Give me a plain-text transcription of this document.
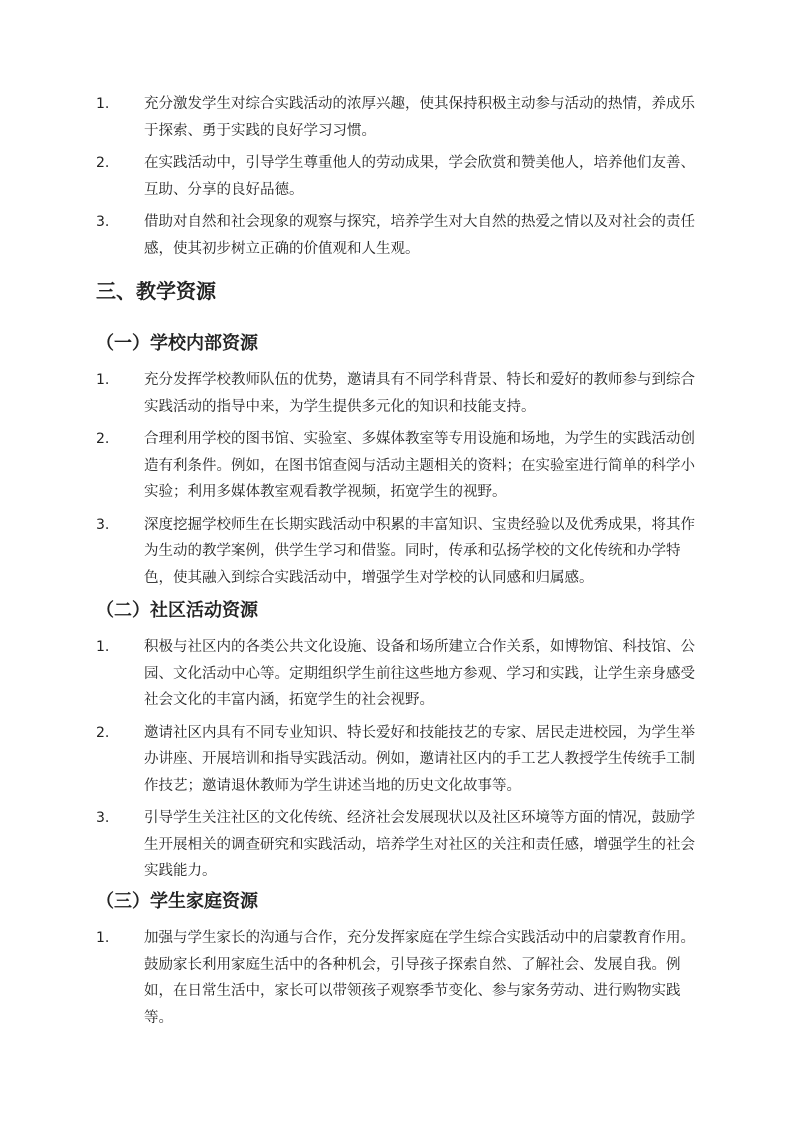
1. 充分激发学生对综合实践活动的浓厚兴趣，使其保持积极主动参与活动的热情，养成乐于探索、勇于实践的良好学习习惯。
2. 在实践活动中，引导学生尊重他人的劳动成果，学会欣赏和赞美他人，培养他们友善、互助、分享的良好品德。
3. 借助对自然和社会现象的观察与探究，培养学生对大自然的热爱之情以及对社会的责任感，使其初步树立正确的价值观和人生观。
三、教学资源
（一）学校内部资源
1. 充分发挥学校教师队伍的优势，邀请具有不同学科背景、特长和爱好的教师参与到综合实践活动的指导中来，为学生提供多元化的知识和技能支持。
2. 合理利用学校的图书馆、实验室、多媒体教室等专用设施和场地，为学生的实践活动创造有利条件。例如，在图书馆查阅与活动主题相关的资料；在实验室进行简单的科学小实验；利用多媒体教室观看教学视频，拓宽学生的视野。
3. 深度挖掘学校师生在长期实践活动中积累的丰富知识、宝贵经验以及优秀成果，将其作为生动的教学案例，供学生学习和借鉴。同时，传承和弘扬学校的文化传统和办学特色，使其融入到综合实践活动中，增强学生对学校的认同感和归属感。
（二）社区活动资源
1. 积极与社区内的各类公共文化设施、设备和场所建立合作关系，如博物馆、科技馆、公园、文化活动中心等。定期组织学生前往这些地方参观、学习和实践，让学生亲身感受社会文化的丰富内涵，拓宽学生的社会视野。
2. 邀请社区内具有不同专业知识、特长爱好和技能技艺的专家、居民走进校园，为学生举办讲座、开展培训和指导实践活动。例如，邀请社区内的手工艺人教授学生传统手工制作技艺；邀请退休教师为学生讲述当地的历史文化故事等。
3. 引导学生关注社区的文化传统、经济社会发展现状以及社区环境等方面的情况，鼓励学生开展相关的调查研究和实践活动，培养学生对社区的关注和责任感，增强学生的社会实践能力。
（三）学生家庭资源
1. 加强与学生家长的沟通与合作，充分发挥家庭在学生综合实践活动中的启蒙教育作用。鼓励家长利用家庭生活中的各种机会，引导孩子探索自然、了解社会、发展自我。例如，在日常生活中，家长可以带领孩子观察季节变化、参与家务劳动、进行购物实践等。
